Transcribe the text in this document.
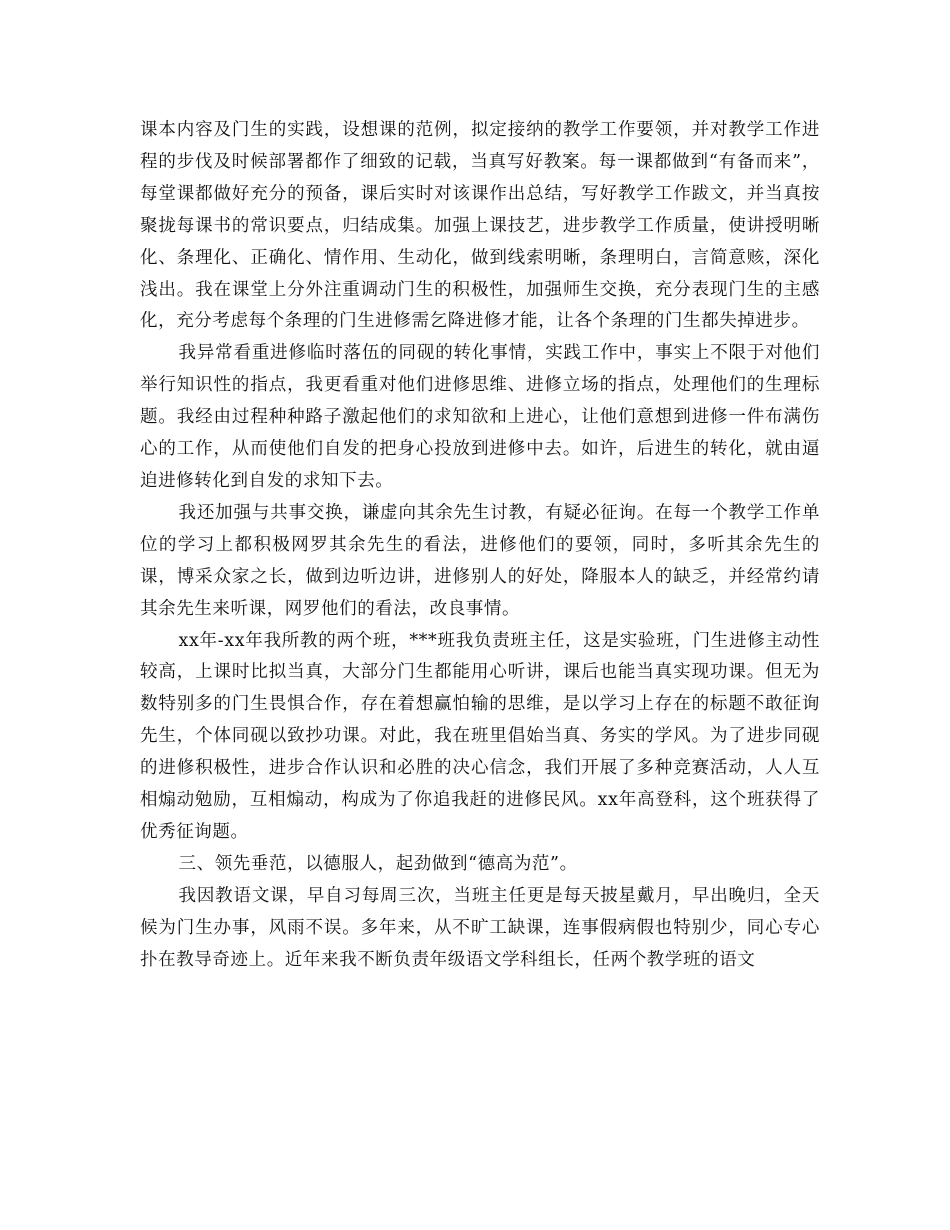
课本内容及门生的实践，设想课的范例，拟定接纳的教学工作要领，并对教学工作进程的步伐及时候部署都作了细致的记载，当真写好教案。每一课都做到“有备而来”，每堂课都做好充分的预备，课后实时对该课作出总结，写好教学工作跋文，并当真按聚拢每课书的常识要点，归结成集。加强上课技艺，进步教学工作质量，使讲授明晰化、条理化、正确化、情作用、生动化，做到线索明晰，条理明白，言简意赅，深化浅出。我在课堂上分外注重调动门生的积极性，加强师生交换，充分表现门生的主感化，充分考虑每个条理的门生进修需乞降进修才能，让各个条理的门生都失掉进步。

我异常看重进修临时落伍的同砚的转化事情，实践工作中，事实上不限于对他们举行知识性的指点，我更看重对他们进修思维、进修立场的指点，处理他们的生理标题。我经由过程种种路子激起他们的求知欲和上进心，让他们意想到进修一件布满伤心的工作，从而使他们自发的把身心投放到进修中去。如许，后进生的转化，就由逼迫进修转化到自发的求知下去。

我还加强与共事交换，谦虚向其余先生讨教，有疑必征询。在每一个教学工作单位的学习上都积极网罗其余先生的看法，进修他们的要领，同时，多听其余先生的课，博采众家之长，做到边听边讲，进修别人的好处，降服本人的缺乏，并经常约请其余先生来听课，网罗他们的看法，改良事情。

xx年-xx年我所教的两个班，***班我负责班主任，这是实验班，门生进修主动性较高，上课时比拟当真，大部分门生都能用心听讲，课后也能当真实现功课。但无为数特别多的门生畏惧合作，存在着想赢怕输的思维，是以学习上存在的标题不敢征询先生，个体同砚以致抄功课。对此，我在班里倡始当真、务实的学风。为了进步同砚的进修积极性，进步合作认识和必胜的决心信念，我们开展了多种竞赛活动，人人互相煽动勉励，互相煽动，构成为了你追我赶的进修民风。xx年高登科，这个班获得了优秀征询题。

三、领先垂范，以德服人，起劲做到“德高为范”。

我因教语文课，早自习每周三次，当班主任更是每天披星戴月，早出晚归，全天候为门生办事，风雨不误。多年来，从不旷工缺课，连事假病假也特别少，同心专心扑在教导奇迹上。近年来我不断负责年级语文学科组长，任两个教学班的语文
